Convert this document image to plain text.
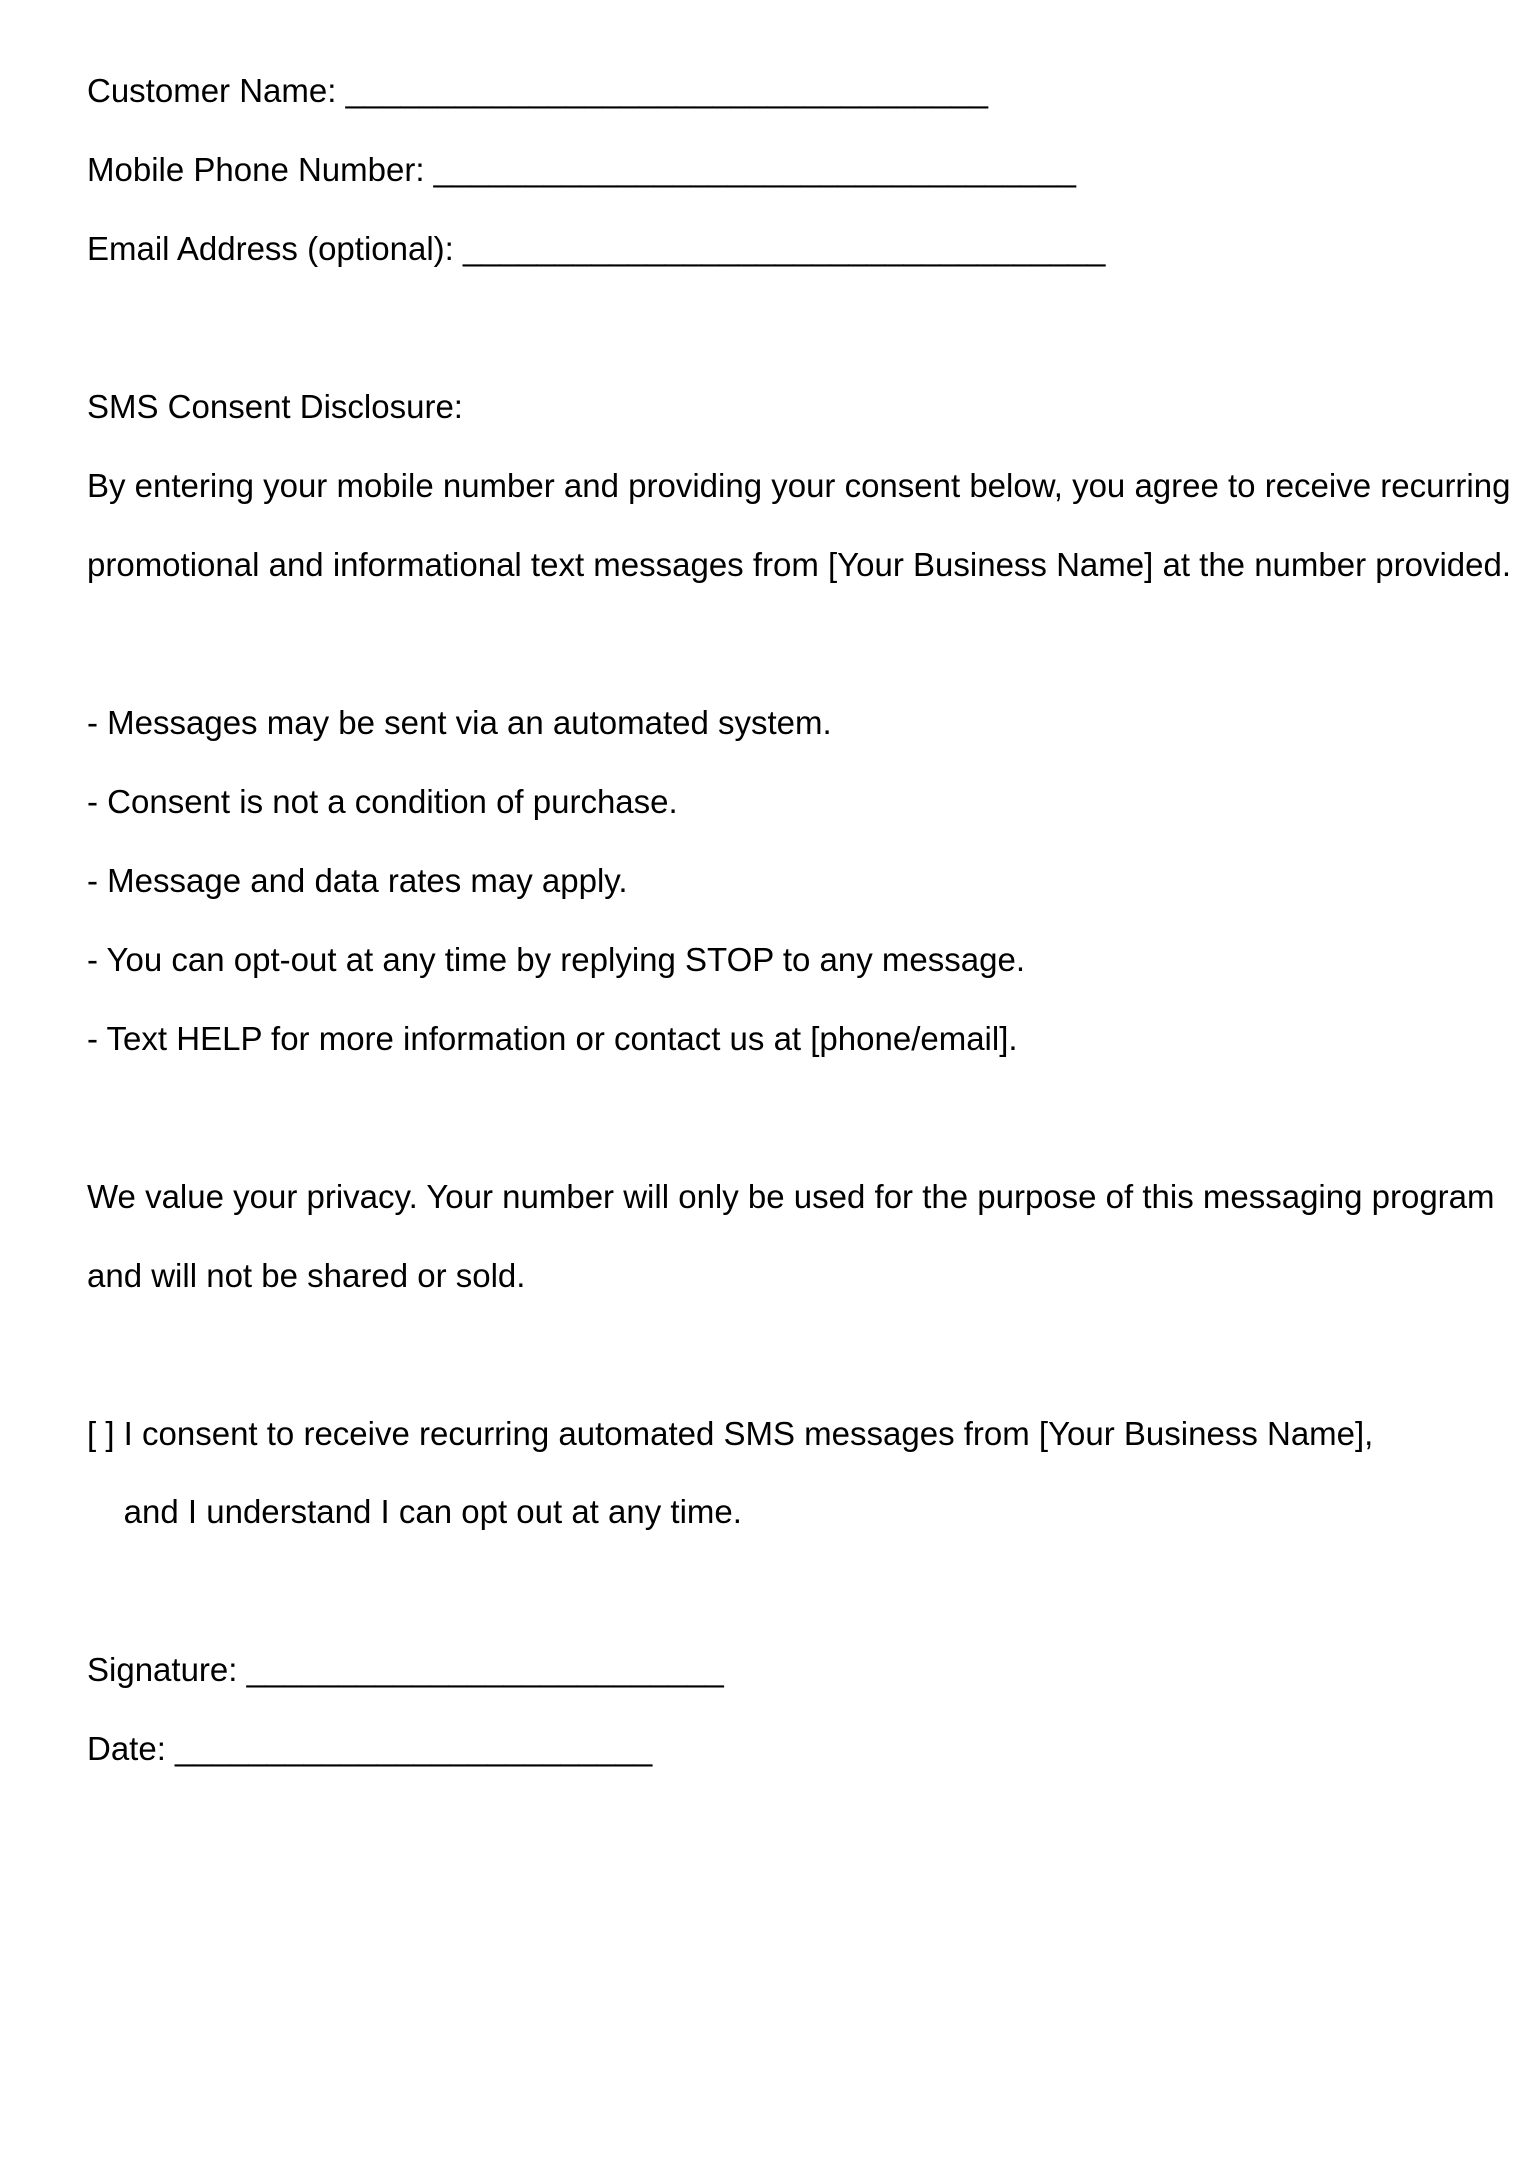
Customer Name: ___________________________________

Mobile Phone Number: ___________________________________

Email Address (optional): ___________________________________

SMS Consent Disclosure:

By entering your mobile number and providing your consent below, you agree to receive recurring

promotional and informational text messages from [Your Business Name] at the number provided.

- Messages may be sent via an automated system.

- Consent is not a condition of purchase.

- Message and data rates may apply.

- You can opt-out at any time by replying STOP to any message.

- Text HELP for more information or contact us at [phone/email].

We value your privacy. Your number will only be used for the purpose of this messaging program

and will not be shared or sold.

[ ] I consent to receive recurring automated SMS messages from [Your Business Name],

and I understand I can opt out at any time.

Signature: __________________________

Date: __________________________
